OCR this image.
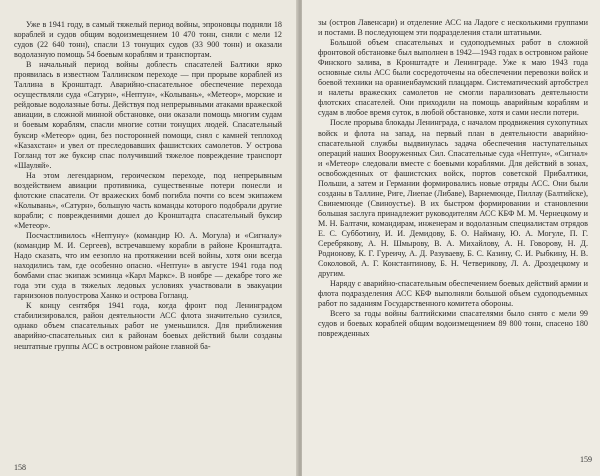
Уже в 1941 году, в самый тяжелый период войны, эпроновцы подняли 18 кораблей и судов общим водоизмещением 10 470 тонн, сняли с мели 12 судов (22 640 тонн), спасли 13 тонущих судов (33 900 тонн) и оказали водолазную помощь 54 боевым кораблям и транспортам.

В начальный период войны доблесть спасателей Балтики ярко проявилась в известном Таллинском переходе — при прорыве кораблей из Таллина в Кронштадт. Аварийно-спасательное обеспечение перехода осуществляли суда «Сатурн», «Нептун», «Колывань», «Метеор», морские и рейдовые водолазные боты. Действуя под непрерывными атаками вражеской авиации, в сложной минной обстановке, они оказали помощь многим судам и боевым кораблям, спасли многие сотни тонущих людей. Спасательный буксир «Метеор» один, без посторонней помощи, снял с камней теплоход «Казахстан» и увел от преследовавших фашистских самолетов. У острова Гогланд тот же буксир спас получивший тяжелое повреждение транспорт «Шауляй».

На этом легендарном, героическом переходе, под непрерывным воздействием авиации противника, существенные потери понесли и флотские спасатели. От вражеских бомб погибла почти со всем экипажем «Колывань», «Сатурн», большую часть команды которого подобрали другие корабли; с повреждениями дошел до Кронштадта спасательный буксир «Метеор».

Посчастливилось «Нептуну» (командир Ю. А. Могула) и «Сигналу» (командир М. И. Сергеев), встречавшему корабли в районе Кронштадта. Надо сказать, что им еезопло на протяжении всей войны, хотя они всегда находились там, где особенно опасно. «Нептун» в августе 1941 года под бомбами спас экипаж эсминца «Карл Маркс». В ноябре — декабре того же года эти суда в тяжелых ледовых условиях участвовали в эвакуации гарнизонов полуострова Ханко и острова Гогланд.

К концу сентября 1941 года, когда фронт под Ленинградом стабилизировался, район деятельности АСС флота значительно сузился, однако объем спасательных работ не уменьшился. Для приближения аварийно-спасательных сил к районам боевых действий были созданы нештатные группы АСС в островном районе главной ба-

158

зы (остров Лавенсари) и отделение АСС на Ладоге с несколькими группами и постами. В последующем эти подразделения стали штатными.

Большой объем спасательных и судоподъемных работ в сложной фронтовой обстановке был выполнен в 1942—1943 годах в островном районе Финского залива, в Кронштадте и Ленинграде. Уже к маю 1943 года основные силы АСС были сосредоточены на обеспечении перевозки войск и боевой техники на ораниенбаумский плацдарм. Систематический артобстрел и налеты вражеских самолетов не смогли парализовать деятельности флотских спасателей. Они приходили на помощь аварийным кораблям и судам в любое время суток, в любой обстановке, хотя и сами несли потери.

После прорыва блокады Ленинграда, с началом продвижения сухопутных войск и флота на запад, на первый план в деятельности аварийно-спасательной службы выдвинулась задача обеспечения наступательных операций наших Вооруженных Сил. Спасательные суда «Нептун», «Сигнал» и «Метеор» следовали вместе с боевыми кораблями. Для действий в зонах, освобожденных от фашистских войск, портов советской Прибалтики, Польши, а затем и Германии формировались новые отряды АСС. Они были созданы в Таллине, Риге, Лиепае (Либаве), Варнемюнде, Пиллау (Балтийске), Свинемюнде (Свиноустье). В их быстром формировании и становлении большая заслуга принадлежит руководителям АСС КБФ М. М. Чернецкому и М. Н. Балтачи, командирам, инженерам и водолазным специалистам отрядов Е. С. Субботину, И. И. Демидову, Б. О. Найману, Ю. А. Могуле, П. Г. Серебрякову, А. Н. Шмырову, В. А. Михайлову, А. Н. Говорову, Н. Д. Родионову, К. Г. Гуреичу, А. Д. Разуваеву, Б. С. Казину, С. И. Рыбкину, Н. В. Соколовой, А. Г. Константинову, Б. Н. Четверикову, Л. А. Дроздецкому и другим.

Наряду с аварийно-спасательным обеспечением боевых действий армии и флота подразделения АСС КБФ выполняли большой объем судоподъемных работ по заданиям Государственного комитета обороны.

Всего за годы войны балтийскими спасателями было снято с мели 99 судов и боевых кораблей общим водоизмещением 89 800 тонн, спасено 180 поврежденных

159
